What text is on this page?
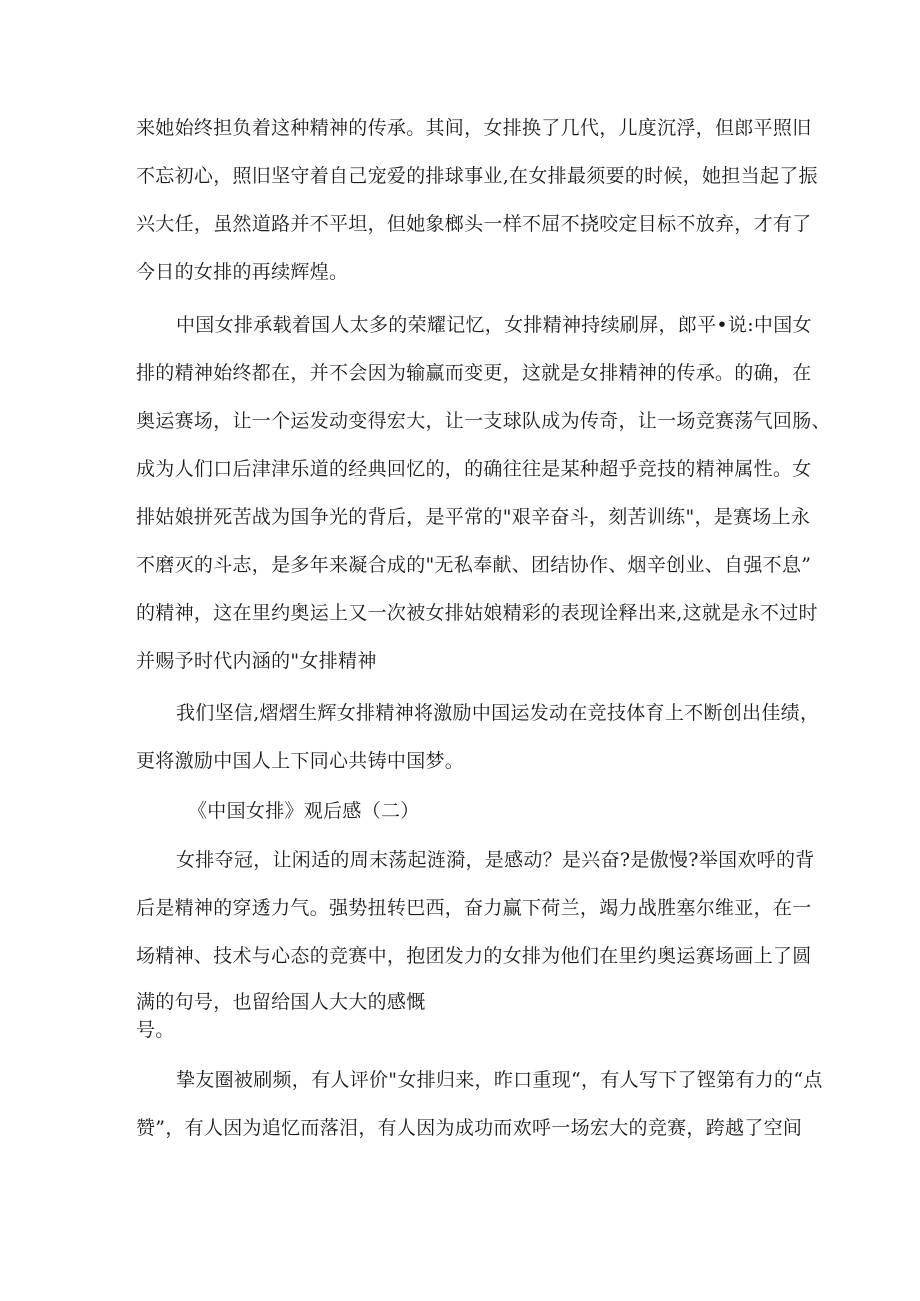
来她始终担负着这种精神的传承。其间，女排换了几代，儿度沉浮，但郎平照旧
不忘初心，照旧坚守着自己宠爱的排球事业,在女排最须要的时候，她担当起了振
兴大任，虽然道路并不平坦，但她象榔头一样不屈不挠咬定目标不放弃，才有了
今日的女排的再续辉煌。
中国女排承载着国人太多的荣耀记忆，女排精神持续刷屏，郎平•说:中国女
排的精神始终都在，并不会因为输赢而变更，这就是女排精神的传承。的确，在
奥运赛场，让一个运发动变得宏大，让一支球队成为传奇，让一场竞赛荡气回肠、
成为人们口后津津乐道的经典回忆的，的确往往是某种超乎竞技的精神属性。女
排姑娘拼死苦战为国争光的背后，是平常的"艰辛奋斗，刻苦训练"，是赛场上永
不磨灭的斗志，是多年来凝合成的"无私奉献、团结协作、烟辛创业、自强不息”
的精神，这在里约奥运上又一次被女排姑娘精彩的表现诠释出来,这就是永不过时
并赐予时代内涵的"女排精神
我们坚信,熠熠生辉女排精神将激励中国运发动在竞技体育上不断创出佳绩，
更将激励中国人上下同心共铸中国梦。
《中国女排》观后感（二）
女排夺冠，让闲适的周末荡起涟漪，是感动？是兴奋?是傲慢?举国欢呼的背
后是精神的穿透力气。强势扭转巴西，奋力赢下荷兰，竭力战胜塞尔维亚，在一
场精神、技术与心态的竞赛中，抱团发力的女排为他们在里约奥运赛场画上了圆
满的句号，也留给国人大大的感慨
号。
挚友圈被刷频，有人评价"女排归来，昨口重现“，有人写下了铿第有力的“点
赞”，有人因为追忆而落泪，有人因为成功而欢呼一场宏大的竞赛，跨越了空间
